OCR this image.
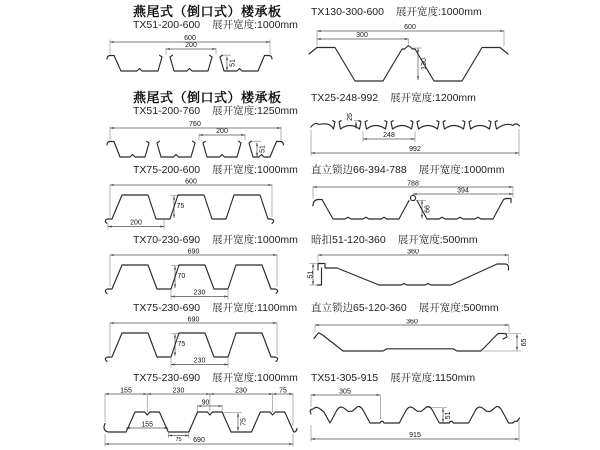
燕尾式（倒口式）楼承板
TX51-200-600 展开宽度:1000mm
600
200
51
TX130-300-600 展开宽度:1000mm
600
300
130
燕尾式（倒口式）楼承板
TX51-200-760 展开宽度:1250mm
760
200
51
TX25-248-992 展开宽度:1200mm
25
248
992
TX75-200-600 展开宽度:1000mm
600
75
200
直立锁边66-394-788 展开宽度:1000mm
788
394
66
TX70-230-690 展开宽度:1000mm
690
70
230
暗扣51-120-360 展开宽度:500mm
360
51
TX75-230-690 展开宽度:1100mm
690
75
230
直立锁边65-120-360 展开宽度:500mm
360
65
TX75-230-690 展开宽度:1000mm
155	230	230	75
90
155
75
75
690
TX51-305-915 展开宽度:1150mm
305
51
915
